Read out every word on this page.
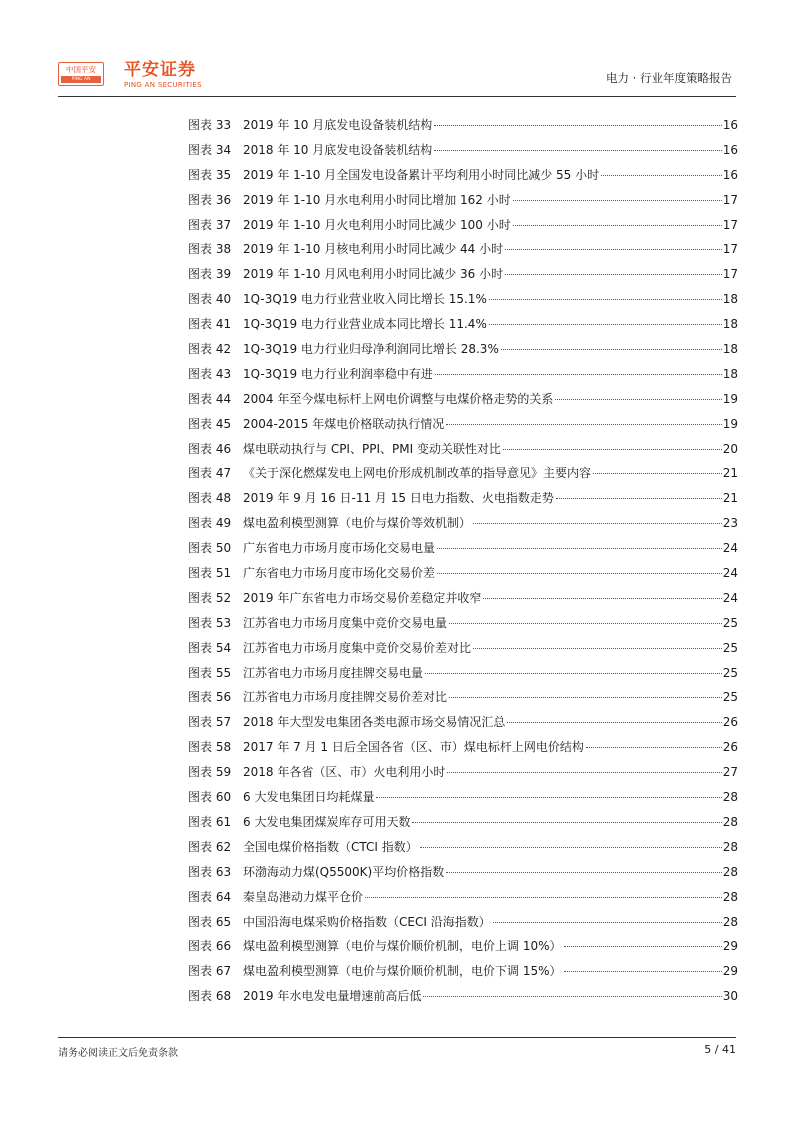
中国平安
PING AN	平安证券
PING AN SECURITIES	电力 · 行业年度策略报告
图表 33 2019 年 10 月底发电设备装机结构	16
图表 34 2018 年 10 月底发电设备装机结构	16
图表 35 2019 年 1-10 月全国发电设备累计平均利用小时同比减少 55 小时	16
图表 36 2019 年 1-10 月水电利用小时同比增加 162 小时	17
图表 37 2019 年 1-10 月火电利用小时同比减少 100 小时	17
图表 38 2019 年 1-10 月核电利用小时同比减少 44 小时	17
图表 39 2019 年 1-10 月风电利用小时同比减少 36 小时	17
图表 40 1Q-3Q19 电力行业营业收入同比增长 15.1%	18
图表 41 1Q-3Q19 电力行业营业成本同比增长 11.4%	18
图表 42 1Q-3Q19 电力行业归母净利润同比增长 28.3%	18
图表 43 1Q-3Q19 电力行业利润率稳中有进	18
图表 44 2004 年至今煤电标杆上网电价调整与电煤价格走势的关系	19
图表 45 2004-2015 年煤电价格联动执行情况	19
图表 46 煤电联动执行与 CPI、PPI、PMI 变动关联性对比	20
图表 47 《关于深化燃煤发电上网电价形成机制改革的指导意见》主要内容	21
图表 48 2019 年 9 月 16 日-11 月 15 日电力指数、火电指数走势	21
图表 49 煤电盈利模型测算（电价与煤价等效机制）	23
图表 50 广东省电力市场月度市场化交易电量	24
图表 51 广东省电力市场月度市场化交易价差	24
图表 52 2019 年广东省电力市场交易价差稳定并收窄	24
图表 53 江苏省电力市场月度集中竞价交易电量	25
图表 54 江苏省电力市场月度集中竞价交易价差对比	25
图表 55 江苏省电力市场月度挂牌交易电量	25
图表 56 江苏省电力市场月度挂牌交易价差对比	25
图表 57 2018 年大型发电集团各类电源市场交易情况汇总	26
图表 58 2017 年 7 月 1 日后全国各省（区、市）煤电标杆上网电价结构	26
图表 59 2018 年各省（区、市）火电利用小时	27
图表 60 6 大发电集团日均耗煤量	28
图表 61 6 大发电集团煤炭库存可用天数	28
图表 62 全国电煤价格指数（CTCI 指数）	28
图表 63 环渤海动力煤(Q5500K)平均价格指数	28
图表 64 秦皇岛港动力煤平仓价	28
图表 65 中国沿海电煤采购价格指数（CECI 沿海指数）	28
图表 66 煤电盈利模型测算（电价与煤价顺价机制，电价上调 10%）	29
图表 67 煤电盈利模型测算（电价与煤价顺价机制，电价下调 15%）	29
图表 68 2019 年水电发电量增速前高后低	30
请务必阅读正文后免责条款	5 / 41
